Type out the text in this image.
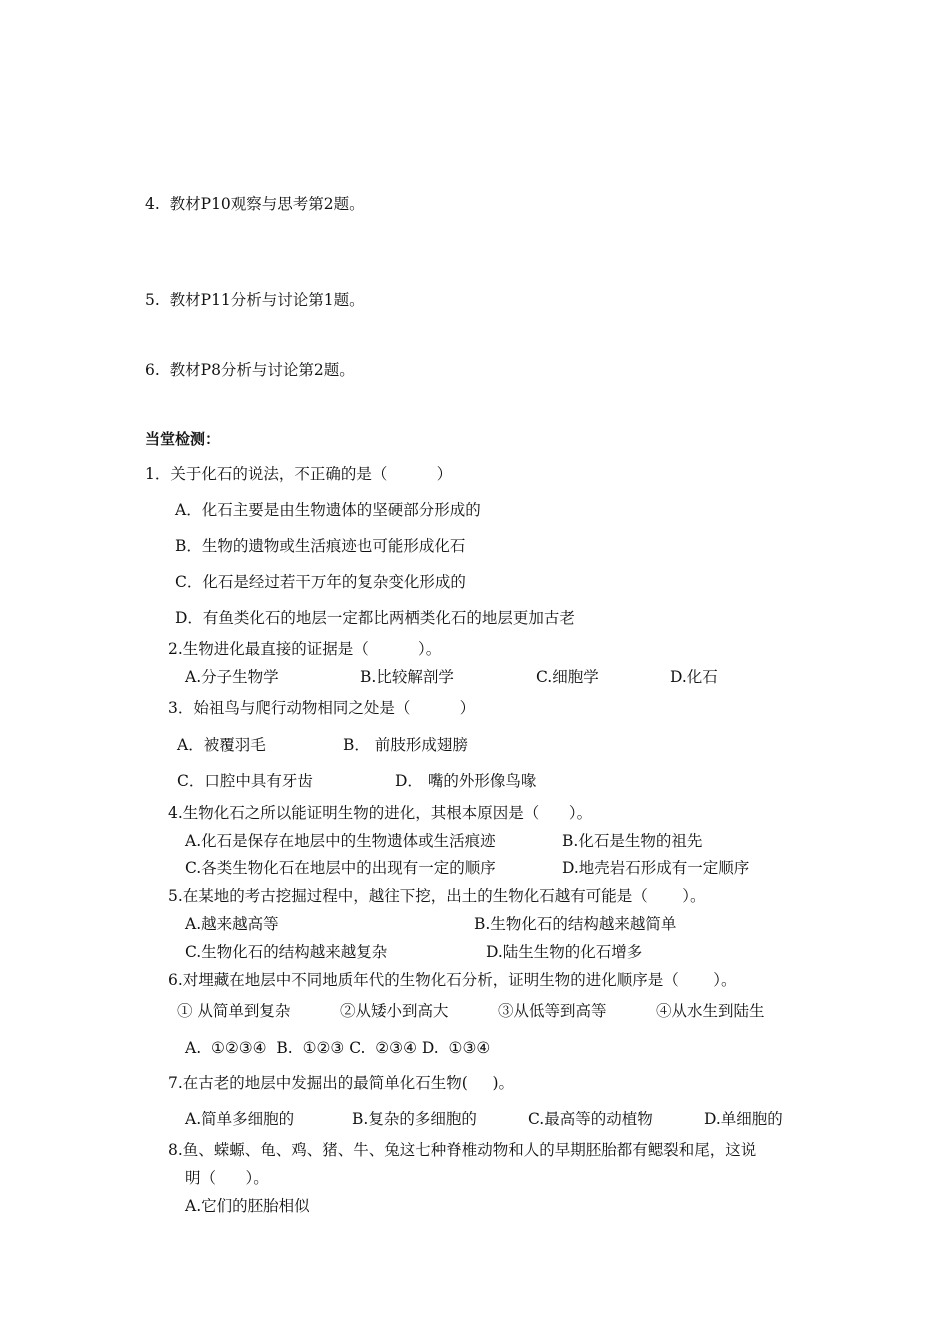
4.  教材P10观察与思考第2题。
5.  教材P11分析与讨论第1题。
6.  教材P8分析与讨论第2题。
当堂检测：
1．关于化石的说法，不正确的是（          ）
A．化石主要是由生物遗体的坚硬部分形成的
B．生物的遗物或生活痕迹也可能形成化石
C．化石是经过若干万年的复杂变化形成的
D．有鱼类化石的地层一定都比两栖类化石的地层更加古老
2.生物进化最直接的证据是（          ）。
A.分子生物学	B.比较解剖学	C.细胞学	D.化石
3．始祖鸟与爬行动物相同之处是（          ）
A．被覆羽毛	B． 前肢形成翅膀
C．口腔中具有牙齿	D． 嘴的外形像鸟喙
4.生物化石之所以能证明生物的进化，其根本原因是（      ）。
A.化石是保存在地层中的生物遗体或生活痕迹	B.化石是生物的祖先
C.各类生物化石在地层中的出现有一定的顺序	D.地壳岩石形成有一定顺序
5.在某地的考古挖掘过程中，越往下挖，出土的生物化石越有可能是（       ）。
A.越来越高等	B.生物化石的结构越来越简单
C.生物化石的结构越来越复杂	D.陆生生物的化石增多
6.对埋藏在地层中不同地质年代的生物化石分析，证明生物的进化顺序是（       ）。
① 从简单到复杂	②从矮小到高大	③从低等到高等	④从水生到陆生
A.  ①②③④  B.  ①②③ C.  ②③④ D.  ①③④
7.在古老的地层中发掘出的最简单化石生物(     )。
A.简单多细胞的	B.复杂的多细胞的	C.最高等的动植物	D.单细胞的
8.鱼、蝾螈、龟、鸡、猪、牛、兔这七种脊椎动物和人的早期胚胎都有鳃裂和尾，这说
明（      ）。
A.它们的胚胎相似
